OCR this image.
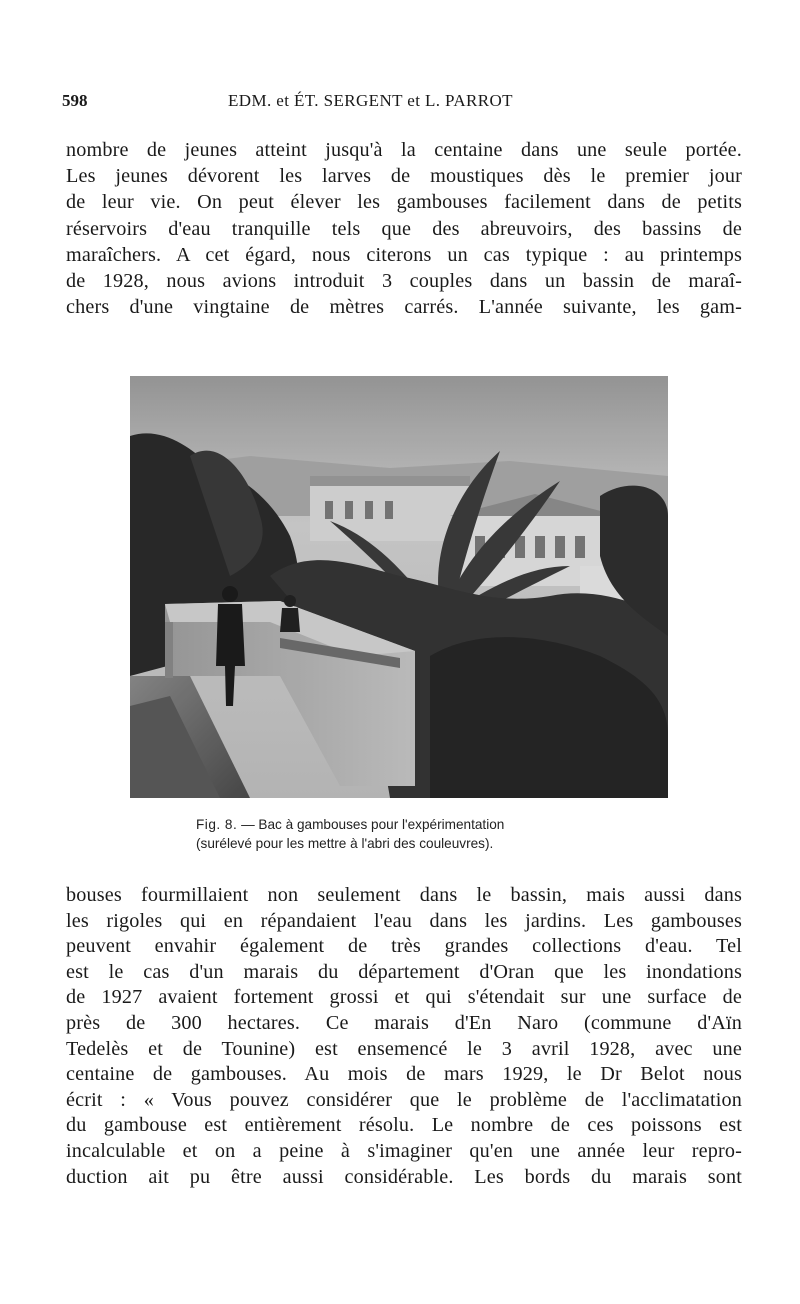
598	EDM. et ÉT. SERGENT et L. PARROT
nombre de jeunes atteint jusqu'à la centaine dans une seule portée.
Les jeunes dévorent les larves de moustiques dès le premier jour
de leur vie. On peut élever les gambouses facilement dans de petits
réservoirs d'eau tranquille tels que des abreuvoirs, des bassins de
maraîchers. A cet égard, nous citerons un cas typique : au printemps
de 1928, nous avions introduit 3 couples dans un bassin de maraî-
chers d'une vingtaine de mètres carrés. L'année suivante, les gam-
Fig. 8. — Bac à gambouses pour l'expérimentation
(surélevé pour les mettre à l'abri des couleuvres).
bouses fourmillaient non seulement dans le bassin, mais aussi dans
les rigoles qui en répandaient l'eau dans les jardins. Les gambouses
peuvent envahir également de très grandes collections d'eau. Tel
est le cas d'un marais du département d'Oran que les inondations
de 1927 avaient fortement grossi et qui s'étendait sur une surface de
près de 300 hectares. Ce marais d'En Naro (commune d'Aïn
Tedelès et de Tounine) est ensemencé le 3 avril 1928, avec une
centaine de gambouses. Au mois de mars 1929, le Dr Belot nous
écrit : « Vous pouvez considérer que le problème de l'acclimatation
du gambouse est entièrement résolu. Le nombre de ces poissons est
incalculable et on a peine à s'imaginer qu'en une année leur repro-
duction ait pu être aussi considérable. Les bords du marais sont
